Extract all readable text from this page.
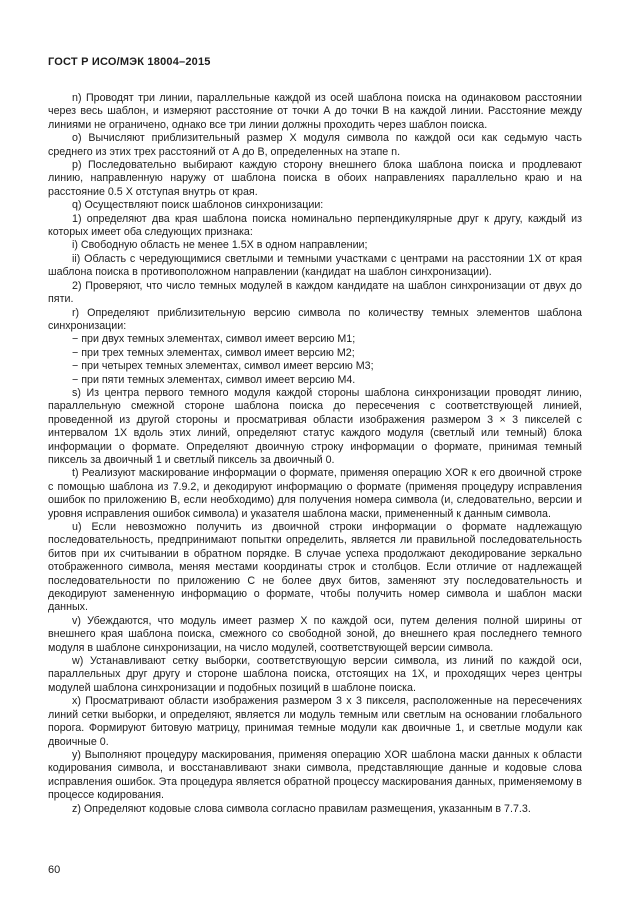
ГОСТ Р ИСО/МЭК 18004–2015

n) Проводят три линии, параллельные каждой из осей шаблона поиска на одинаковом расстоянии через весь шаблон, и измеряют расстояние от точки А до точки В на каждой линии. Расстояние между линиями не ограничено, однако все три линии должны проходить через шаблон поиска.

o) Вычисляют приблизительный размер X модуля символа по каждой оси как седьмую часть среднего из этих трех расстояний от А до В, определенных на этапе n.

p) Последовательно выбирают каждую сторону внешнего блока шаблона поиска и продлевают линию, направленную наружу от шаблона поиска в обоих направлениях параллельно краю и на расстояние 0.5 X отступая внутрь от края.

q) Осуществляют поиск шаблонов синхронизации:

1) определяют два края шаблона поиска номинально перпендикулярные друг к другу, каждый из которых имеет оба следующих признака:

i) Свободную область не менее 1.5X в одном направлении;

ii) Область с чередующимися светлыми и темными участками с центрами на расстоянии 1X от края шаблона поиска в противоположном направлении (кандидат на шаблон синхронизации).

2) Проверяют, что число темных модулей в каждом кандидате на шаблон синхронизации от двух до пяти.

r) Определяют приблизительную версию символа по количеству темных элементов шаблона синхронизации:

− при двух темных элементах, символ имеет версию М1;

− при трех темных элементах, символ имеет версию М2;

− при четырех темных элементах, символ имеет версию М3;

− при пяти темных элементах, символ имеет версию М4.

s) Из центра первого темного модуля каждой стороны шаблона синхронизации проводят линию, параллельную смежной стороне шаблона поиска до пересечения с соответствующей линией, проведенной из другой стороны и просматривая области изображения размером 3 × 3 пикселей с интервалом 1X вдоль этих линий, определяют статус каждого модуля (светлый или темный) блока информации о формате. Определяют двоичную строку информации о формате, принимая темный пиксель за двоичный 1 и светлый пиксель за двоичный 0.

t) Реализуют маскирование информации о формате, применяя операцию XOR к его двоичной строке с помощью шаблона из 7.9.2, и декодируют информацию о формате (применяя процедуру исправления ошибок по приложению B, если необходимо) для получения номера символа (и, следовательно, версии и уровня исправления ошибок символа) и указателя шаблона маски, примененный к данным символа.

u) Если невозможно получить из двоичной строки информации о формате надлежащую последовательность, предпринимают попытки определить, является ли правильной последовательность битов при их считывании в обратном порядке. В случае успеха продолжают декодирование зеркально отображенного символа, меняя местами координаты строк и столбцов. Если отличие от надлежащей последовательности по приложению C не более двух битов, заменяют эту последовательность и декодируют замененную информацию о формате, чтобы получить номер символа и шаблон маски данных.

v) Убеждаются, что модуль имеет размер X по каждой оси, путем деления полной ширины от внешнего края шаблона поиска, смежного со свободной зоной, до внешнего края последнего темного модуля в шаблоне синхронизации, на число модулей, соответствующей версии символа.

w) Устанавливают сетку выборки, соответствующую версии символа, из линий по каждой оси, параллельных друг другу и стороне шаблона поиска, отстоящих на 1X, и проходящих через центры модулей шаблона синхронизации и подобных позиций в шаблоне поиска.

x) Просматривают области изображения размером 3 х 3 пикселя, расположенные на пересечениях линий сетки выборки, и определяют, является ли модуль темным или светлым на основании глобального порога. Формируют битовую матрицу, принимая темные модули как двоичные 1, и светлые модули как двоичные 0.

y) Выполняют процедуру маскирования, применяя операцию XOR шаблона маски данных к области кодирования символа, и восстанавливают знаки символа, представляющие данные и кодовые слова исправления ошибок. Эта процедура является обратной процессу маскирования данных, применяемому в процессе кодирования.

z) Определяют кодовые слова символа согласно правилам размещения, указанным в 7.7.3.

60
